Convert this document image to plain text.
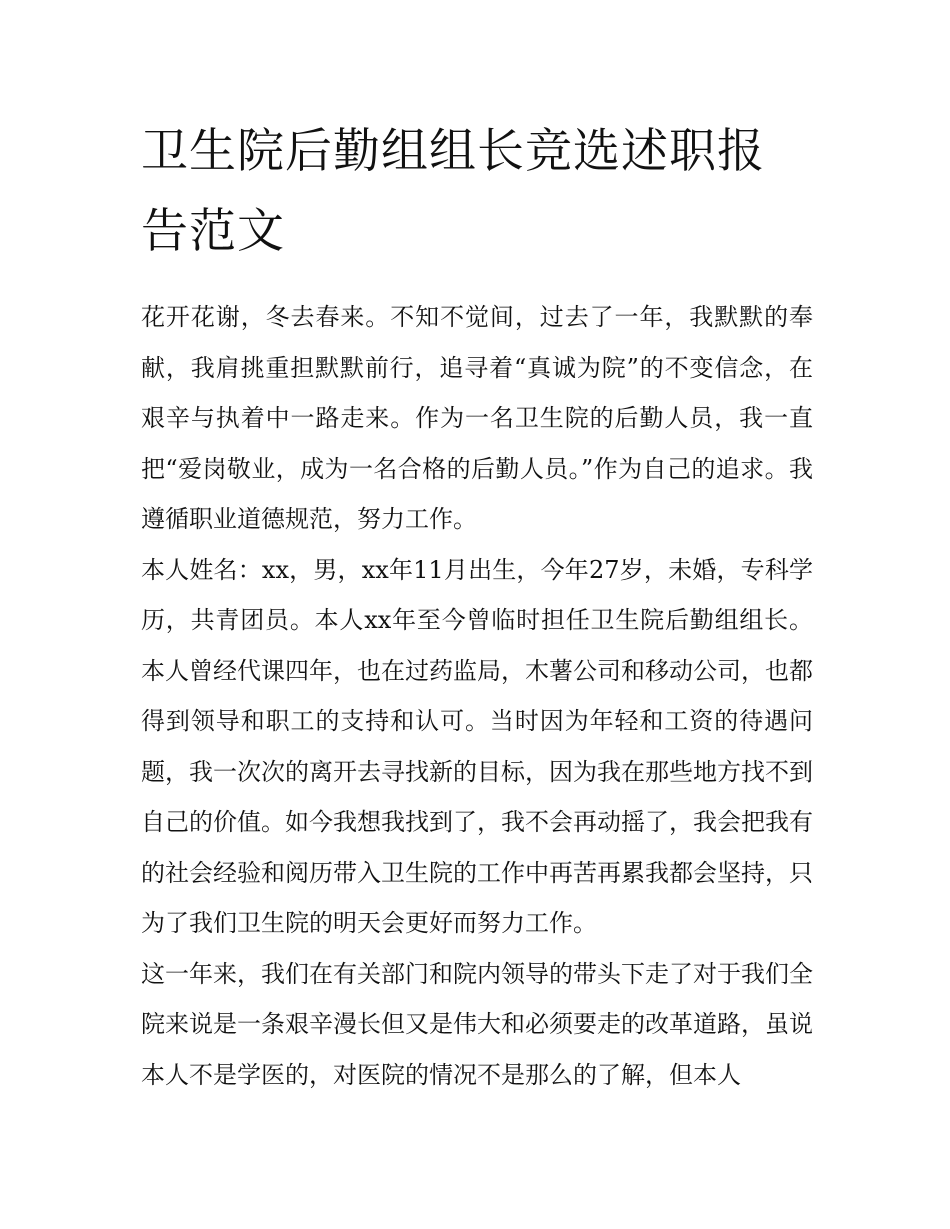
卫生院后勤组组长竞选述职报告范文

花开花谢，冬去春来。不知不觉间，过去了一年，我默默的奉献，我肩挑重担默默前行，追寻着“真诚为院”的不变信念，在艰辛与执着中一路走来。作为一名卫生院的后勤人员，我一直把“爱岗敬业，成为一名合格的后勤人员。”作为自己的追求。我遵循职业道德规范，努力工作。

本人姓名：xx，男，xx年11月出生，今年27岁，未婚，专科学历，共青团员。本人xx年至今曾临时担任卫生院后勤组组长。本人曾经代课四年，也在过药监局，木薯公司和移动公司，也都得到领导和职工的支持和认可。当时因为年轻和工资的待遇问题，我一次次的离开去寻找新的目标，因为我在那些地方找不到自己的价值。如今我想我找到了，我不会再动摇了，我会把我有的社会经验和阅历带入卫生院的工作中再苦再累我都会坚持，只为了我们卫生院的明天会更好而努力工作。

这一年来，我们在有关部门和院内领导的带头下走了对于我们全院来说是一条艰辛漫长但又是伟大和必须要走的改革道路，虽说本人不是学医的，对医院的情况不是那么的了解，但本人
